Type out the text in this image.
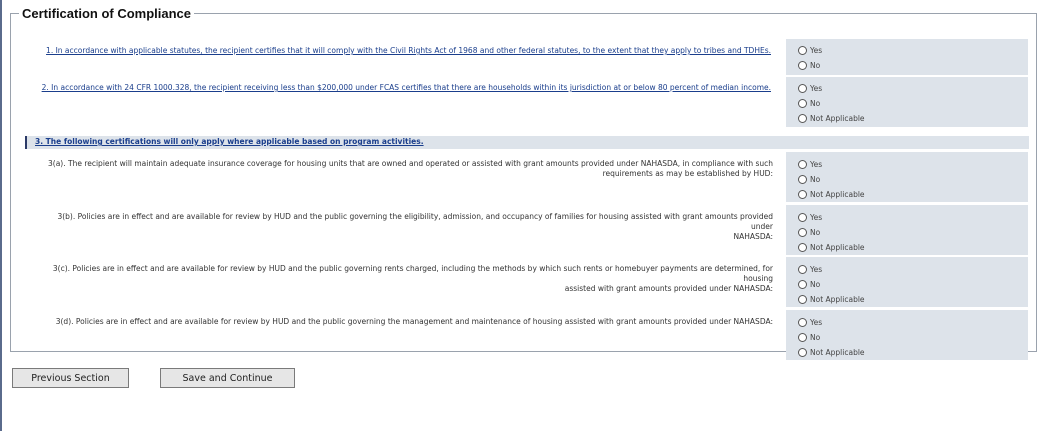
Certification of Compliance
1. In accordance with applicable statutes, the recipient certifies that it will comply with the Civil Rights Act of 1968 and other federal statutes, to the extent that they apply to tribes and TDHEs.	Yes
No
2. In accordance with 24 CFR 1000.328, the recipient receiving less than $200,000 under FCAS certifies that there are households within its jurisdiction at or below 80 percent of median income.	Yes
No
Not Applicable
3. The following certifications will only apply where applicable based on program activities.
3(a). The recipient will maintain adequate insurance coverage for housing units that are owned and operated or assisted with grant amounts provided under NAHASDA, in compliance with such
requirements as may be established by HUD:
Yes
No
Not Applicable
3(b). Policies are in effect and are available for review by HUD and the public governing the eligibility, admission, and occupancy of families for housing assisted with grant amounts provided under
NAHASDA:
Yes
No
Not Applicable
3(c). Policies are in effect and are available for review by HUD and the public governing rents charged, including the methods by which such rents or homebuyer payments are determined, for housing
assisted with grant amounts provided under NAHASDA:
Yes
No
Not Applicable
3(d). Policies are in effect and are available for review by HUD and the public governing the management and maintenance of housing assisted with grant amounts provided under NAHASDA:	Yes
No
Not Applicable
Previous Section	Save and Continue
